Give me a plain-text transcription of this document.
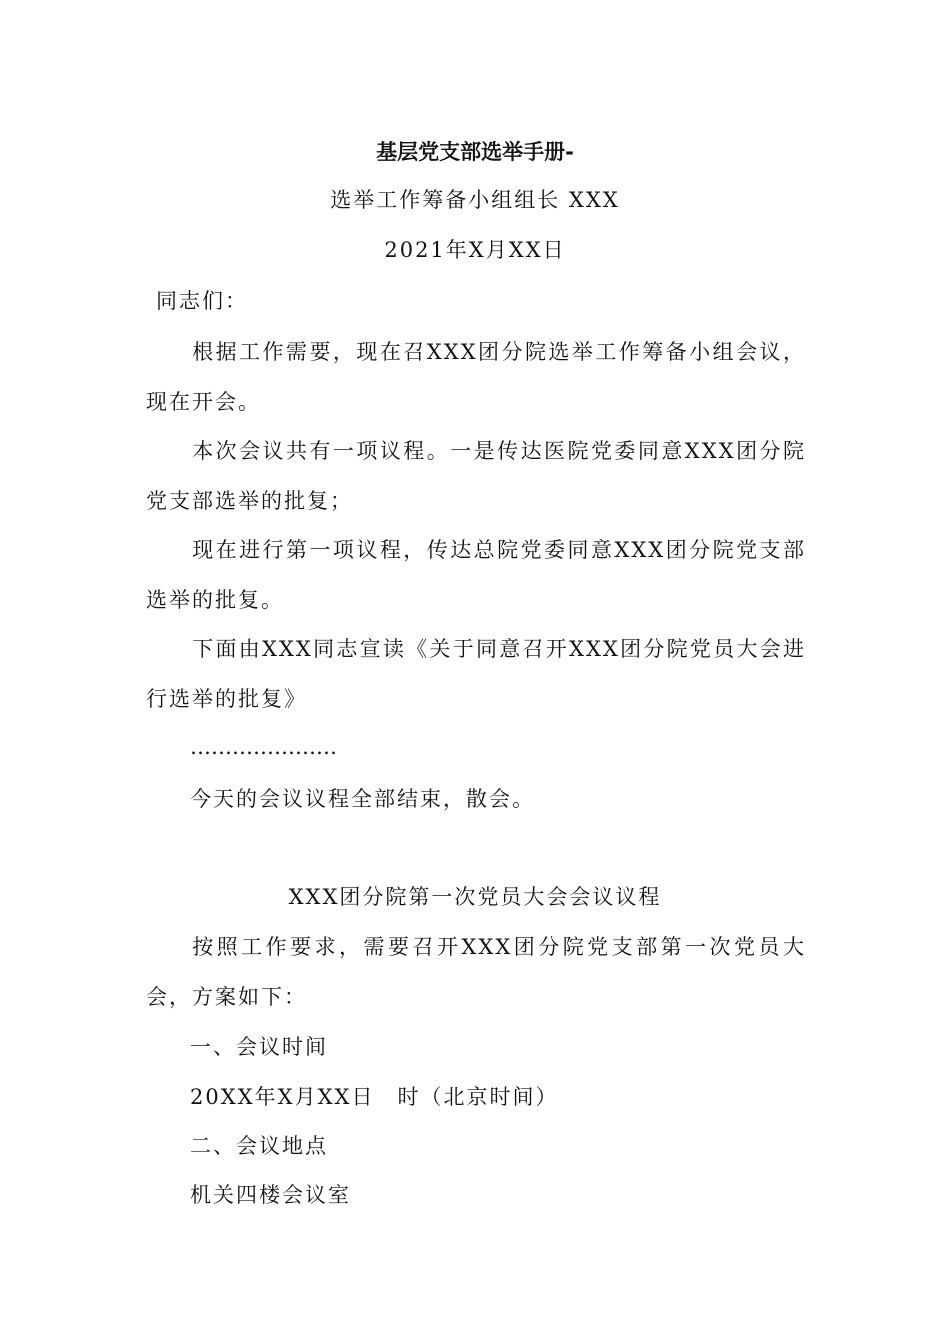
基层党支部选举手册-
选举工作筹备小组组长 XXX
2021年X月XX日
同志们：
根据工作需要，现在召XXX团分院选举工作筹备小组会议，现在开会。
本次会议共有一项议程。一是传达医院党委同意XXX团分院党支部选举的批复；
现在进行第一项议程，传达总院党委同意XXX团分院党支部选举的批复。
下面由XXX同志宣读《关于同意召开XXX团分院党员大会进行选举的批复》
…………………
今天的会议议程全部结束，散会。
XXX团分院第一次党员大会会议议程
按照工作要求，需要召开XXX团分院党支部第一次党员大会，方案如下：
一、会议时间
20XX年X月XX日　时（北京时间）
二、会议地点
机关四楼会议室
